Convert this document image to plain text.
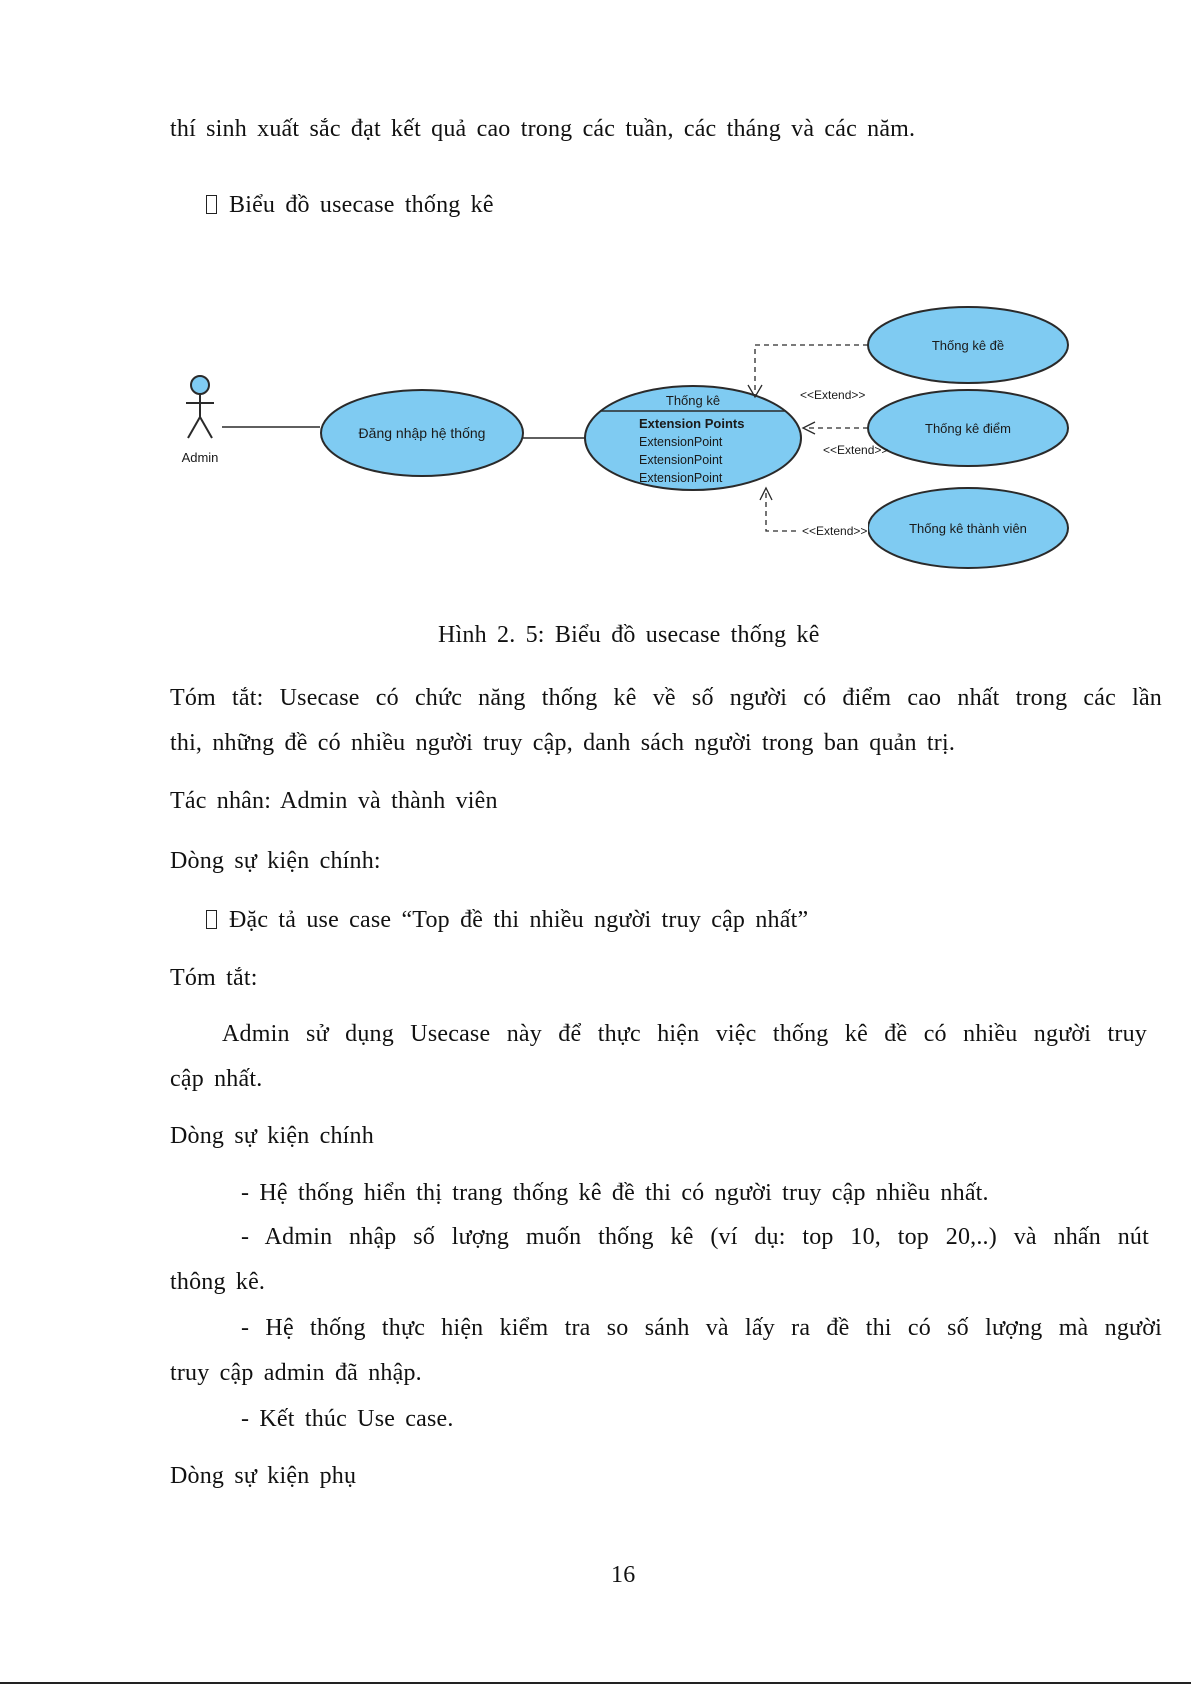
thí sinh xuất sắc đạt kết quả cao trong các tuần, các tháng và các năm.

Biểu đồ usecase thống kê

Admin
Đăng nhập hệ thống
Thống kê
Extension Points
ExtensionPoint
ExtensionPoint
ExtensionPoint
Thống kê đề
Thống kê điểm
Thống kê thành viên
<<Extend>>
<<Extend>>
<<Extend>>

Hình 2. 5: Biểu đồ usecase thống kê

Tóm tắt: Usecase có chức năng thống kê về số người có điểm cao nhất trong các lần

thi, những đề có nhiều người truy cập, danh sách người trong ban quản trị.

Tác nhân: Admin và thành viên

Dòng sự kiện chính:

Đặc tả use case “Top đề thi nhiều người truy cập nhất”

Tóm tắt:

Admin sử dụng Usecase này để thực hiện việc thống kê đề có nhiều người truy

cập nhất.

Dòng sự kiện chính

- Hệ thống hiển thị trang thống kê đề thi có người truy cập nhiều nhất.

- Admin nhập số lượng muốn thống kê (ví dụ: top 10, top 20,..) và nhấn nút

thông kê.

- Hệ thống thực hiện kiểm tra so sánh và lấy ra đề thi có số lượng mà người

truy cập admin đã nhập.

- Kết thúc Use case.

Dòng sự kiện phụ

16
